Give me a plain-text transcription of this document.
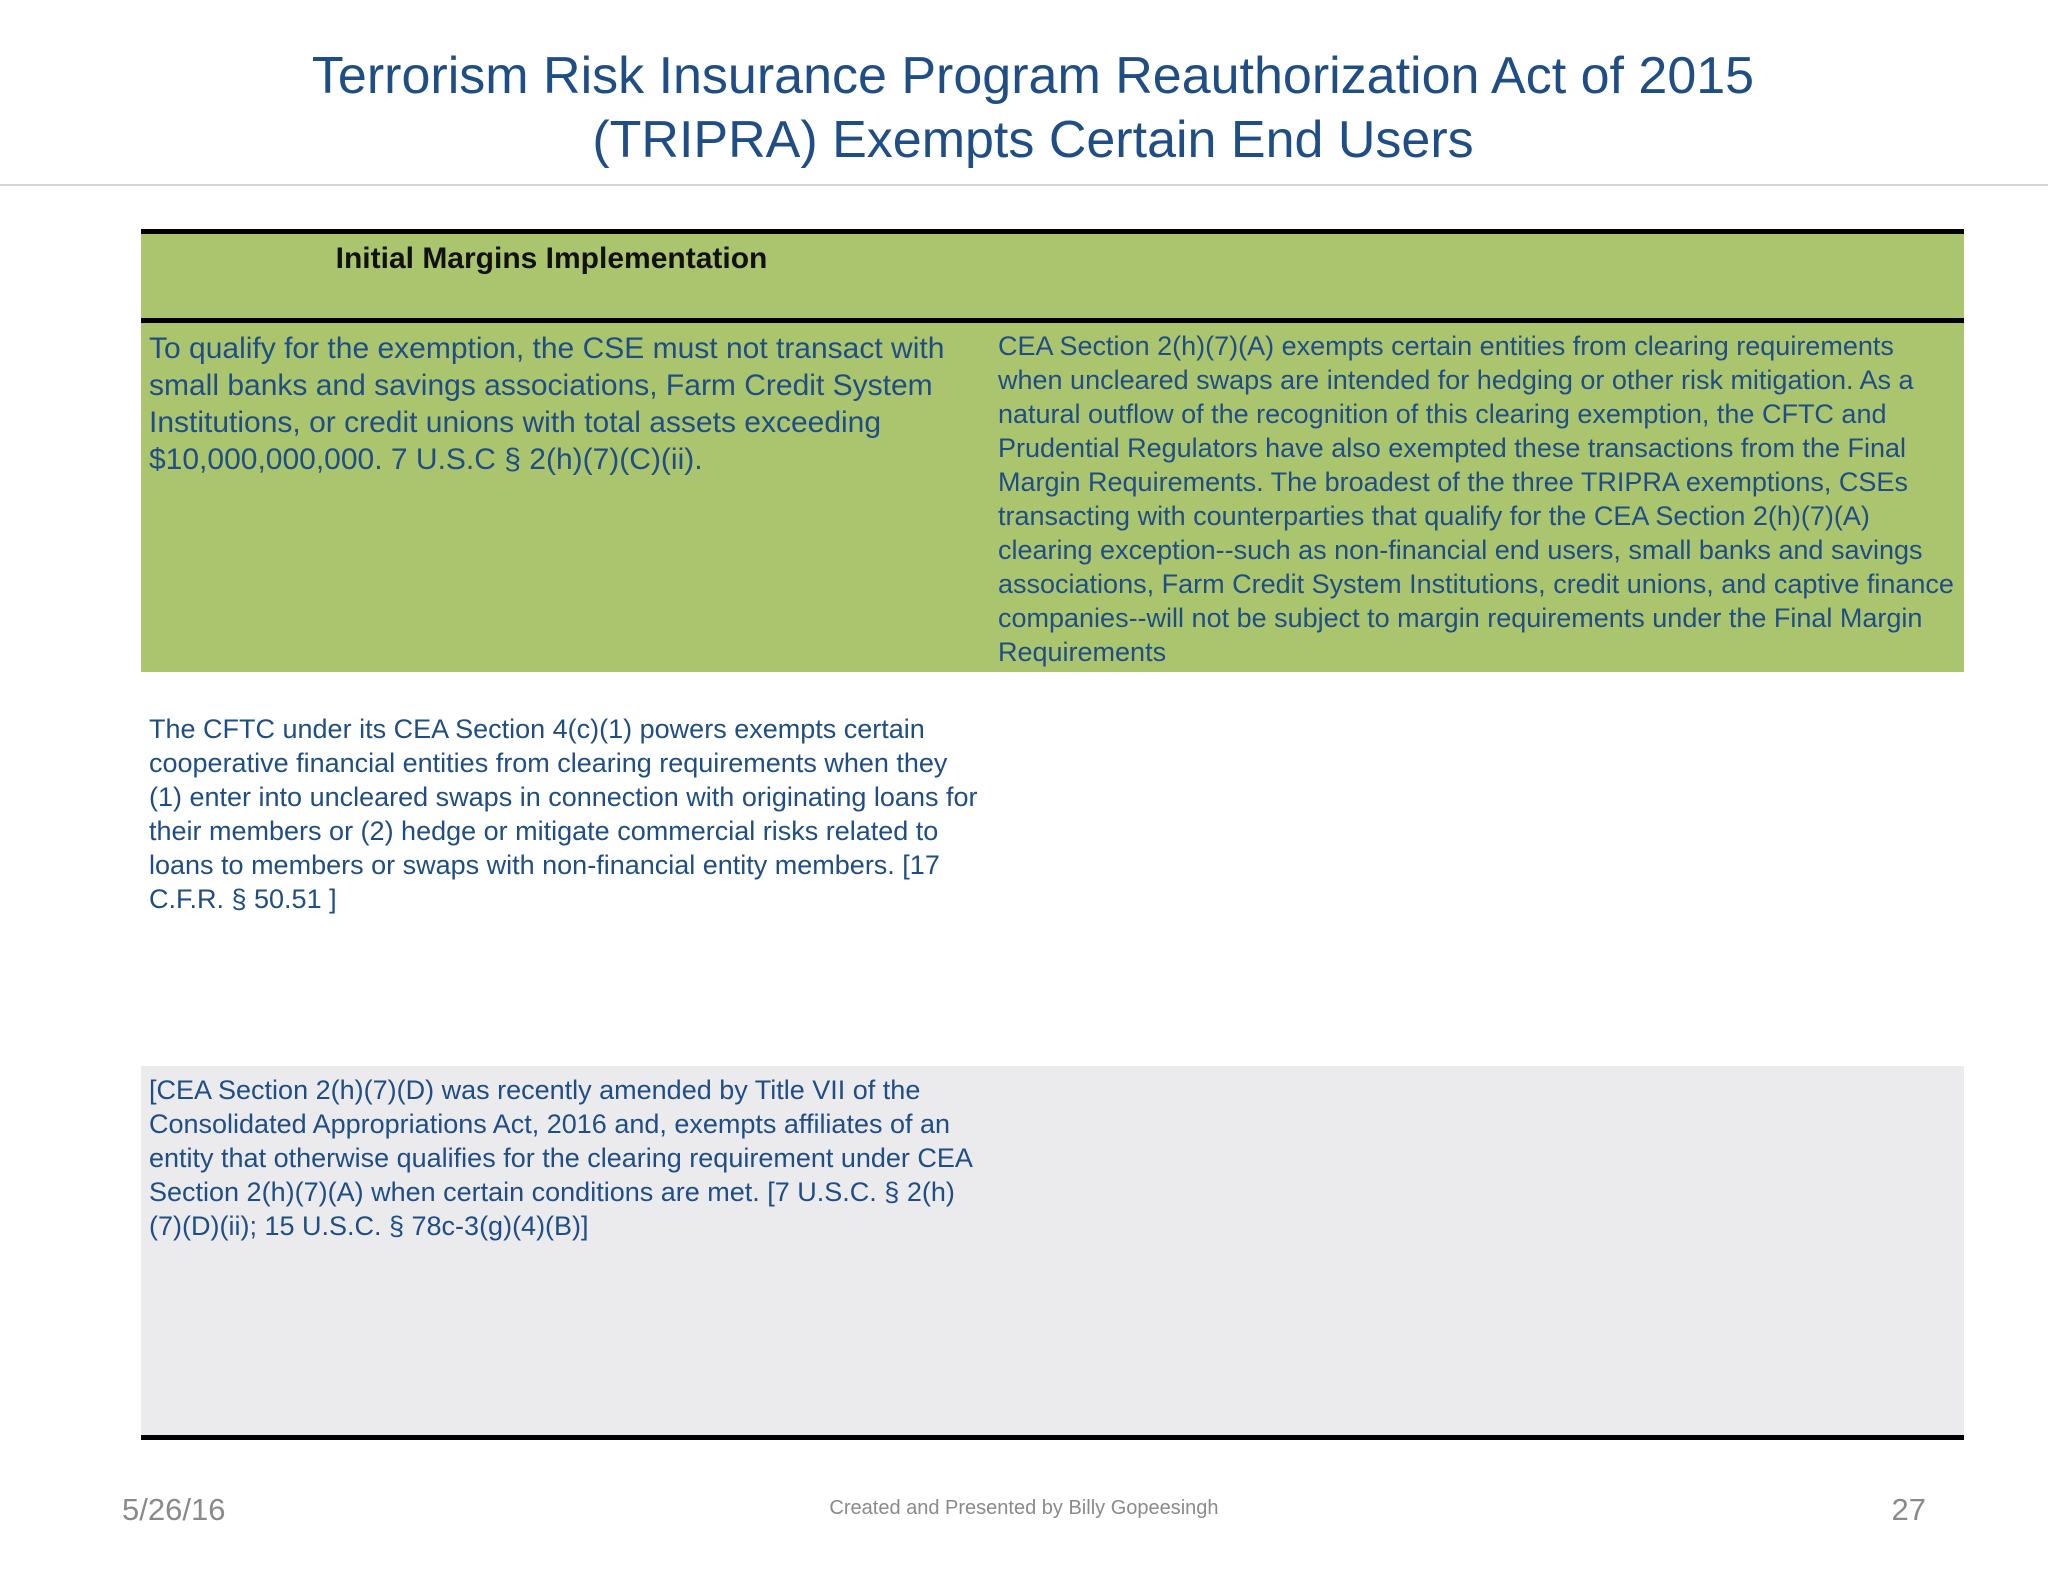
Terrorism Risk Insurance Program Reauthorization Act of 2015
(TRIPRA) Exempts Certain End Users
Initial Margins Implementation
To qualify for the exemption, the CSE must not transact with small banks and savings associations, Farm Credit System Institutions, or credit unions with total assets exceeding $10,000,000,000. 7 U.S.C § 2(h)(7)(C)(ii).
CEA Section 2(h)(7)(A) exempts certain entities from clearing requirements when uncleared swaps are intended for hedging or other risk mitigation. As a natural outflow of the recognition of this clearing exemption, the CFTC and Prudential Regulators have also exempted these transactions from the Final Margin Requirements. The broadest of the three TRIPRA exemptions, CSEs transacting with counterparties that qualify for the CEA Section 2(h)(7)(A) clearing exception--such as non-financial end users, small banks and savings associations, Farm Credit System Institutions, credit unions, and captive finance companies--will not be subject to margin requirements under the Final Margin Requirements
The CFTC under its CEA Section 4(c)(1) powers exempts certain cooperative financial entities from clearing requirements when they (1) enter into uncleared swaps in connection with originating loans for their members or (2) hedge or mitigate commercial risks related to loans to members or swaps with non-financial entity members. [17 C.F.R. § 50.51 ]
[CEA Section 2(h)(7)(D) was recently amended by Title VII of the Consolidated Appropriations Act, 2016 and, exempts affiliates of an entity that otherwise qualifies for the clearing requirement under CEA Section 2(h)(7)(A) when certain conditions are met. [7 U.S.C. § 2(h)(7)(D)(ii); 15 U.S.C. § 78c-3(g)(4)(B)]
5/26/16	Created and Presented by Billy Gopeesingh	27
